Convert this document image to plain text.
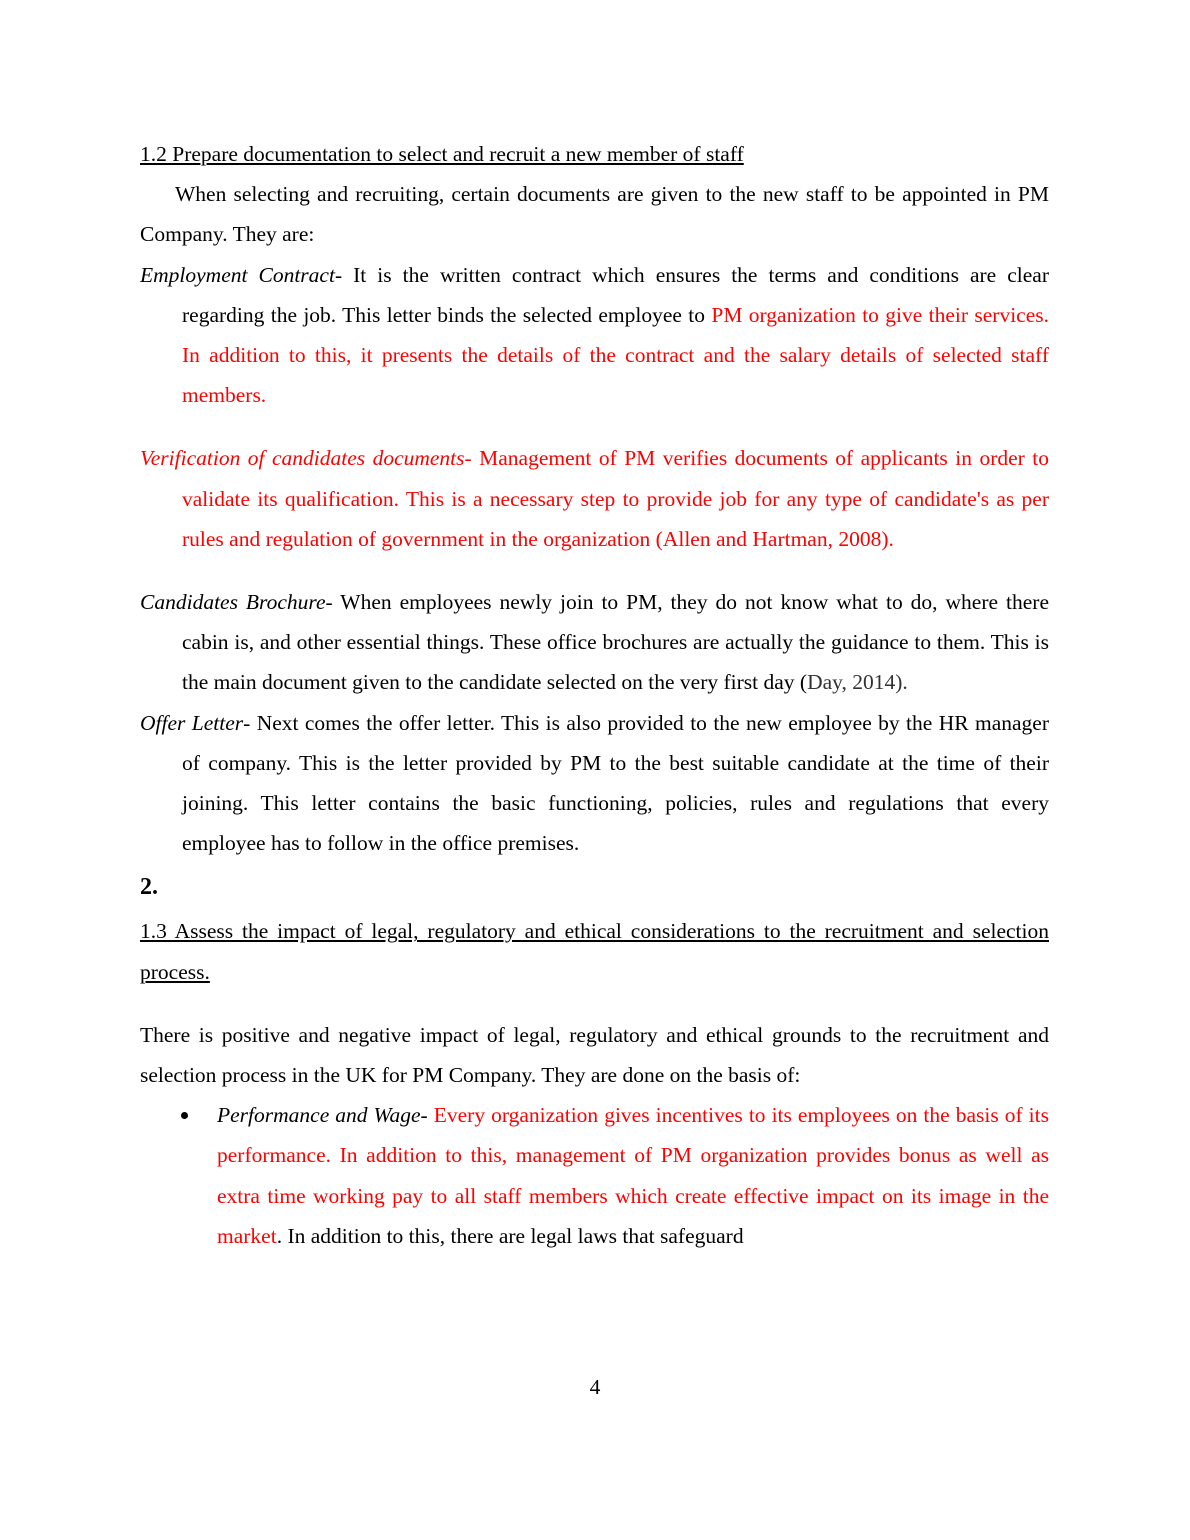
1.2 Prepare documentation to select and recruit a new member of staff

When selecting and recruiting, certain documents are given to the new staff to be appointed in PM Company. They are:

Employment Contract- It is the written contract which ensures the terms and conditions are clear regarding the job. This letter binds the selected employee to PM organization to give their services. In addition to this, it presents the details of the contract and the salary details of selected staff members.

Verification of candidates documents- Management of PM verifies documents of applicants in order to validate its qualification. This is a necessary step to provide job for any type of candidate's as per rules and regulation of government in the organization (Allen and Hartman, 2008).

Candidates Brochure- When employees newly join to PM, they do not know what to do, where there cabin is, and other essential things. These office brochures are actually the guidance to them. This is the main document given to the candidate selected on the very first day (Day, 2014).

Offer Letter- Next comes the offer letter. This is also provided to the new employee by the HR manager of company. This is the letter provided by PM to the best suitable candidate at the time of their joining. This letter contains the basic functioning, policies, rules and regulations that every employee has to follow in the office premises.

2.

1.3 Assess the impact of legal, regulatory and ethical considerations to the recruitment and selection process.

There is positive and negative impact of legal, regulatory and ethical grounds to the recruitment and selection process in the UK for PM Company. They are done on the basis of:

Performance and Wage- Every organization gives incentives to its employees on the basis of its performance. In addition to this, management of PM organization provides bonus as well as extra time working pay to all staff members which create effective impact on its image in the market. In addition to this, there are legal laws that safeguard
4
